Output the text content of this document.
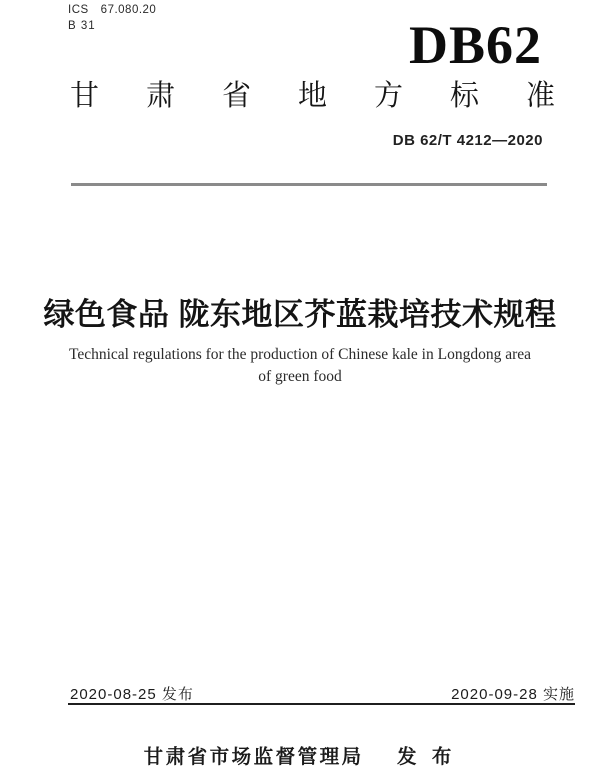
ICS 67.080.20
B 31	DB62
甘肃省地方标准
DB 62/T 4212—2020
绿色食品 陇东地区芥蓝栽培技术规程
Technical regulations for the production of Chinese kale in Longdong area
of green food
2020-08-25 发布	2020-09-28 实施
甘肃省市场监督管理局 发 布
